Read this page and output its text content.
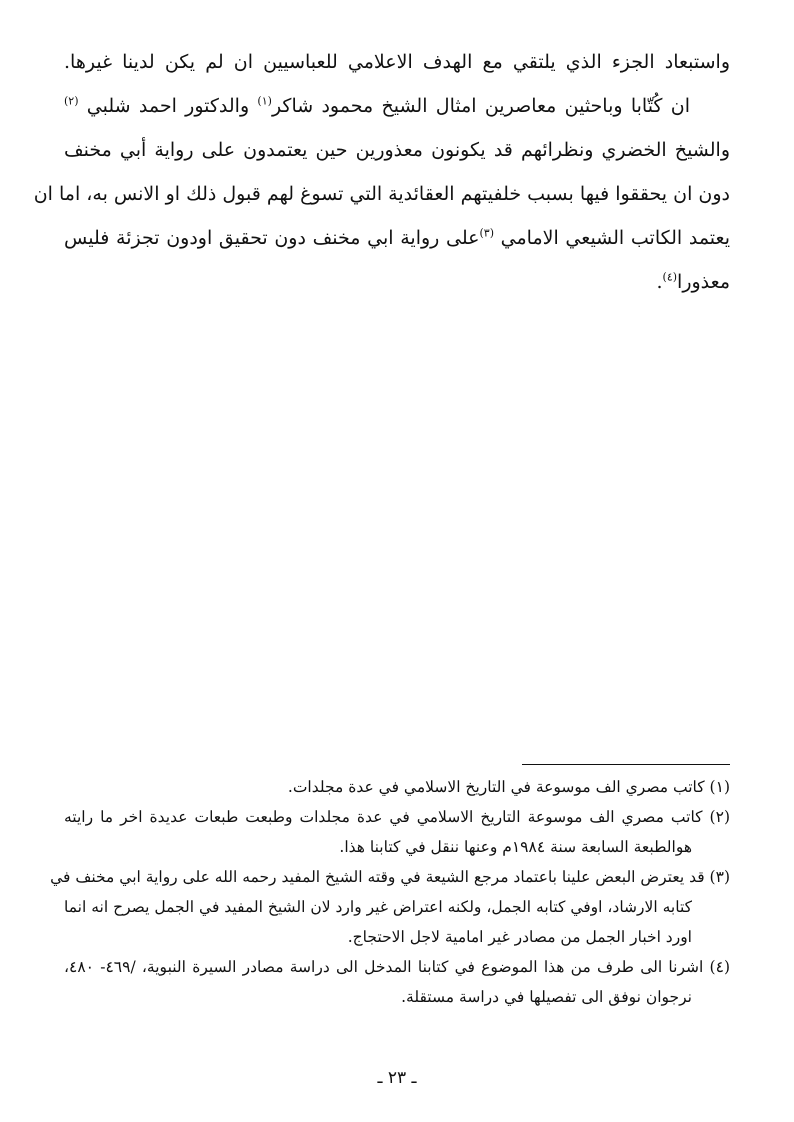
واستبعاد الجزء الذي يلتقي مع الهدف الاعلامي للعباسيين ان لم يكن لدينا غيرها.
ان كُتّابا وباحثين معاصرين امثال الشيخ محمود شاكر$^{(١)}$ والدكتور احمد شلبي $^{(٢)}$
والشيخ الخضري ونظرائهم قد يكونون معذورين حين يعتمدون على رواية أبي مخنف
دون ان يحققوا فيها بسبب خلفيتهم العقائدية التي تسوغ لهم قبول ذلك او الانس به، اما ان
يعتمد الكاتب الشيعي الامامي $^{(٣)}$على رواية ابي مخنف دون تحقيق اودون تجزئة فليس
معذورا$^{(٤)}$.
(١) كاتب مصري الف موسوعة في التاريخ الاسلامي في عدة مجلدات.
(٢) كاتب مصري الف موسوعة التاريخ الاسلامي في عدة مجلدات وطبعت طبعات عديدة اخر ما رايته
هوالطبعة السابعة سنة ١٩٨٤م وعنها ننقل في كتابنا هذا.
(٣) قد يعترض البعض علينا باعتماد مرجع الشيعة في وقته الشيخ المفيد رحمه الله على رواية ابي مخنف في
كتابه الارشاد، اوفي كتابه الجمل، ولكنه اعتراض غير وارد لان الشيخ المفيد في الجمل يصرح انه انما
اورد اخبار الجمل من مصادر غير امامية لاجل الاحتجاج.
(٤) اشرنا الى طرف من هذا الموضوع في كتابنا المدخل الى دراسة مصادر السيرة النبوية، /٤٦٩- ٤٨٠،
نرجوان نوفق الى تفصيلها في دراسة مستقلة.
ـ ٢٣ ـ
